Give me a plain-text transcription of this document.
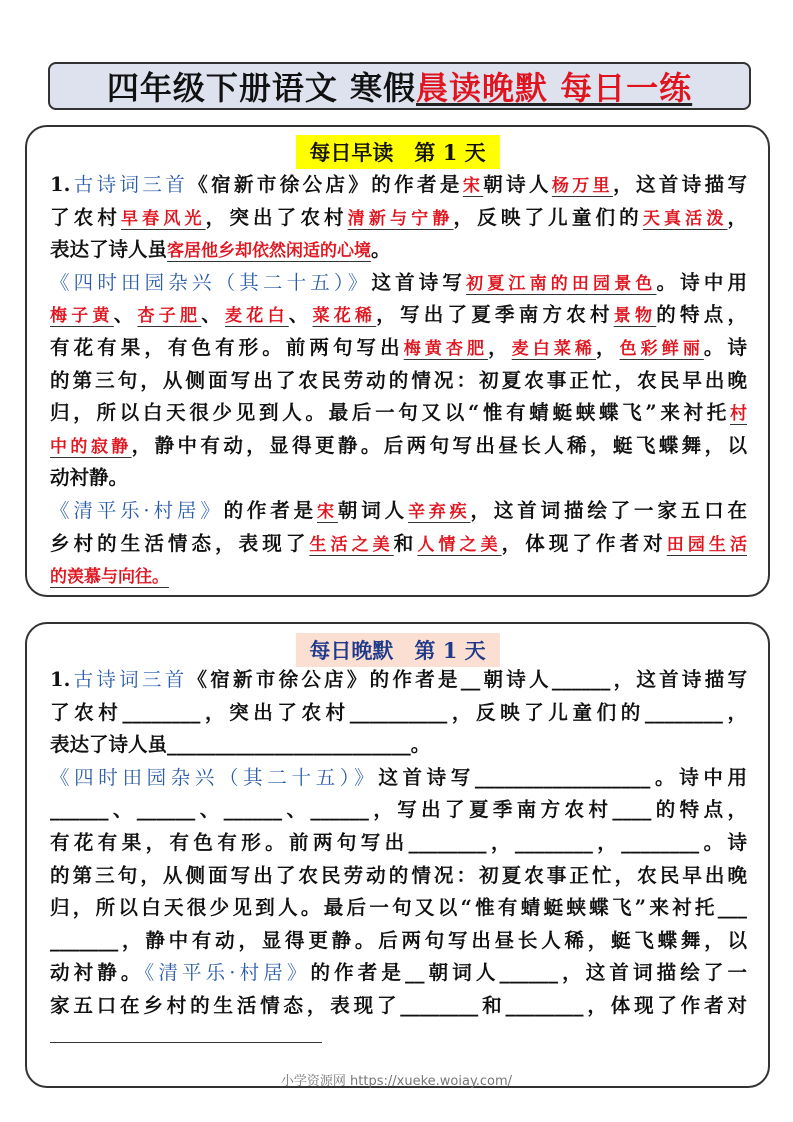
四年级下册语文 寒假 晨读晚默 每日一练
每日早读　第 1 天
1.古诗词三首《宿新市徐公店》的作者是宋朝诗人杨万里，这首诗描写
了农村早春风光，突出了农村清新与宁静，反映了儿童们的天真活泼，
表达了诗人虽客居他乡却依然闲适的心境。
《四时田园杂兴（其二十五）》这首诗写初夏江南的田园景色。诗中用
梅子黄、杏子肥、麦花白、菜花稀，写出了夏季南方农村景物的特点，
有花有果，有色有形。前两句写出梅黄杏肥，麦白菜稀，色彩鲜丽。诗
的第三句，从侧面写出了农民劳动的情况：初夏农事正忙，农民早出晚
归，所以白天很少见到人。最后一句又以“惟有蜻蜓蛱蝶飞”来衬托村
中的寂静，静中有动，显得更静。后两句写出昼长人稀，蜓飞蝶舞，以
动衬静。
《清平乐·村居》的作者是宋朝词人辛弃疾，这首词描绘了一家五口在
乡村的生活情态，表现了生活之美和人情之美，体现了作者对田园生活
的羡慕与向往。
每日晚默　第 1 天
1.古诗词三首《宿新市徐公店》的作者是__朝诗人______，这首诗描写
了农村________，突出了农村__________，反映了儿童们的________，
表达了诗人虽_________________________。
《四时田园杂兴（其二十五）》这首诗写__________________。诗中用
______、______、______、______，写出了夏季南方农村____的特点，
有花有果，有色有形。前两句写出________，________，________。诗
的第三句，从侧面写出了农民劳动的情况：初夏农事正忙，农民早出晚
归，所以白天很少见到人。最后一句又以“惟有蜻蜓蛱蝶飞”来衬托___
_______，静中有动，显得更静。后两句写出昼长人稀，蜓飞蝶舞，以
动衬静。《清平乐·村居》的作者是__朝词人______，这首词描绘了一
家五口在乡村的生活情态，表现了________和________，体现了作者对
小学资源网 https://xueke.woiay.com/
